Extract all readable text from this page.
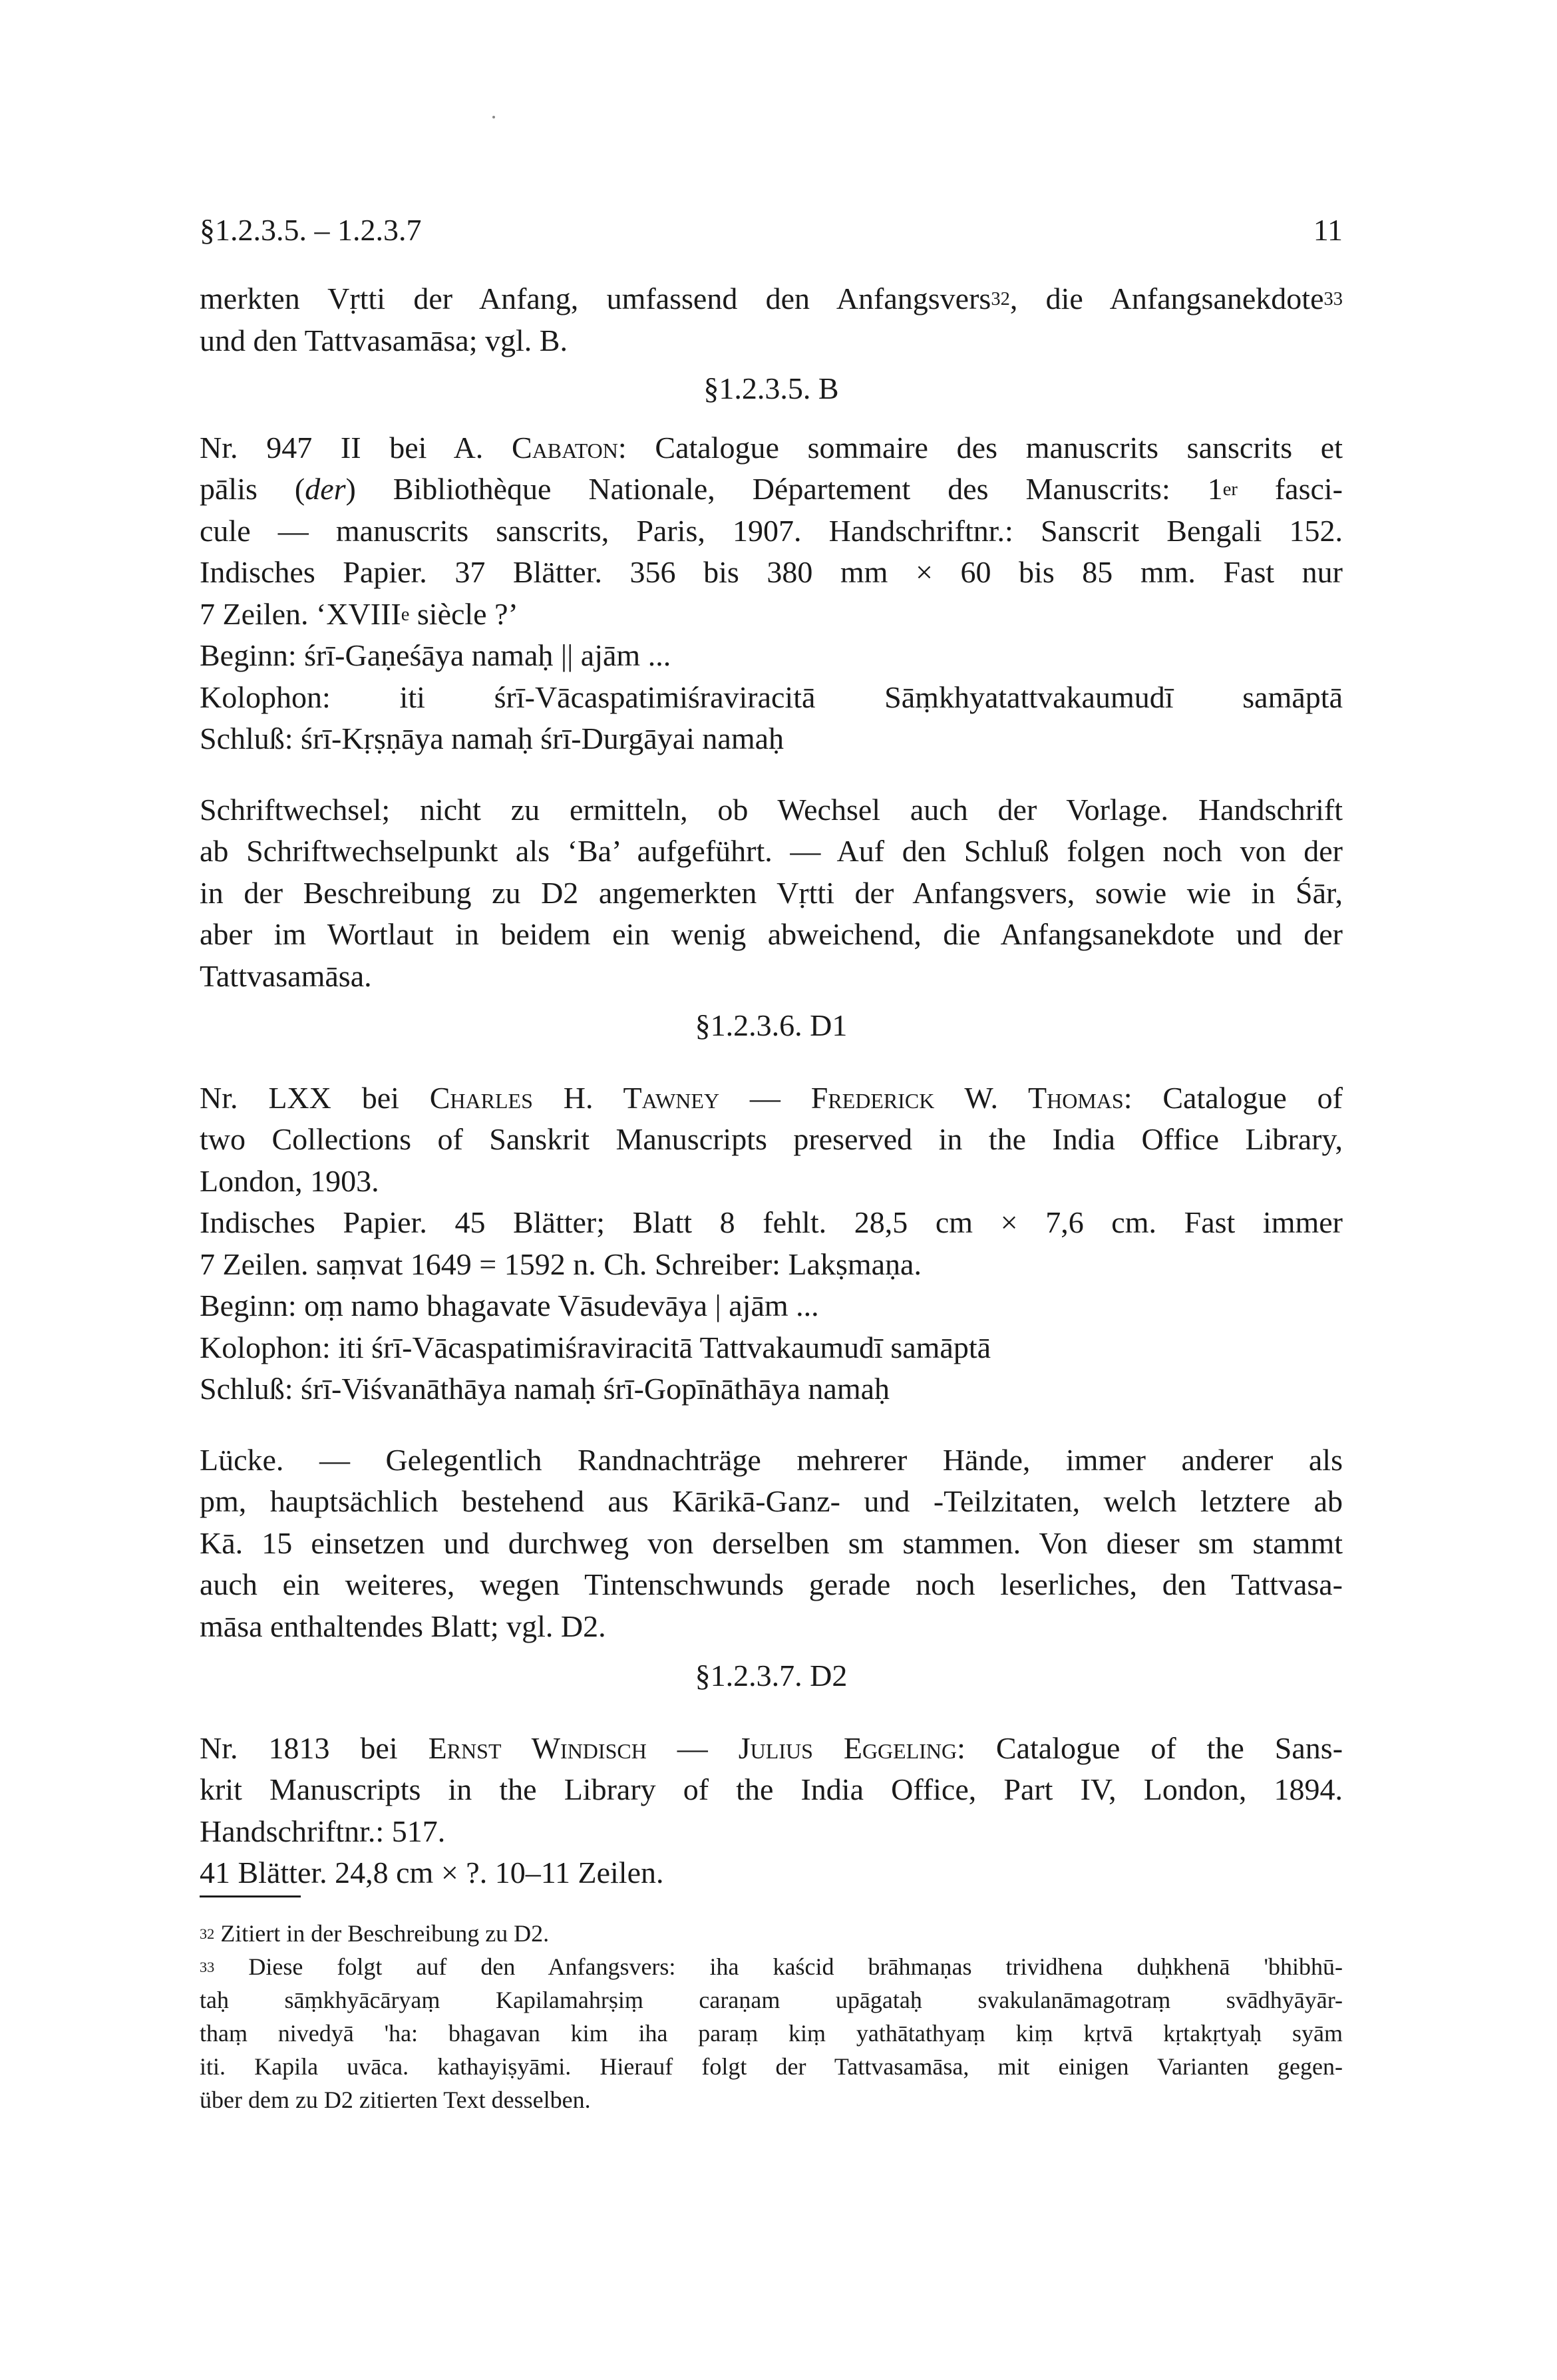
§1.2.3.5. – 1.2.3.7	11
merkten Vṛtti der Anfang, umfassend den Anfangsvers$^{32}$, die Anfangsanekdote$^{33}$
und den Tattvasamāsa; vgl. B.
§1.2.3.5. B
Nr. 947 II bei A. Cabaton: Catalogue sommaire des manuscrits sanscrits et
pālis (der) Bibliothèque Nationale, Département des Manuscrits: 1er fasci-
cule — manuscrits sanscrits, Paris, 1907. Handschriftnr.: Sanscrit Bengali 152.
Indisches Papier. 37 Blätter. 356 bis 380 mm × 60 bis 85 mm. Fast nur
7 Zeilen. ‘XVIIIe siècle ?’
Beginn: śrī-Gaṇeśāya namaḥ || ajām ...
Kolophon: iti śrī-Vācaspatimiśraviracitā Sāṃkhyatattvakaumudī samāptā
Schluß: śrī-Kṛṣṇāya namaḥ śrī-Durgāyai namaḥ
Schriftwechsel; nicht zu ermitteln, ob Wechsel auch der Vorlage. Handschrift
ab Schriftwechselpunkt als ‘Ba’ aufgeführt. — Auf den Schluß folgen noch von der
in der Beschreibung zu D2 angemerkten Vṛtti der Anfangsvers, sowie wie in Śār,
aber im Wortlaut in beidem ein wenig abweichend, die Anfangsanekdote und der
Tattvasamāsa.
§1.2.3.6. D1
Nr. LXX bei Charles H. Tawney — Frederick W. Thomas: Catalogue of
two Collections of Sanskrit Manuscripts preserved in the India Office Library,
London, 1903.
Indisches Papier. 45 Blätter; Blatt 8 fehlt. 28,5 cm × 7,6 cm. Fast immer
7 Zeilen. saṃvat 1649 = 1592 n. Ch. Schreiber: Lakṣmaṇa.
Beginn: oṃ namo bhagavate Vāsudevāya | ajām ...
Kolophon: iti śrī-Vācaspatimiśraviracitā Tattvakaumudī samāptā
Schluß: śrī-Viśvanāthāya namaḥ śrī-Gopīnāthāya namaḥ
Lücke. — Gelegentlich Randnachträge mehrerer Hände, immer anderer als
pm, hauptsächlich bestehend aus Kārikā-Ganz- und -Teilzitaten, welch letztere ab
Kā. 15 einsetzen und durchweg von derselben sm stammen. Von dieser sm stammt
auch ein weiteres, wegen Tintenschwunds gerade noch leserliches, den Tattvasa-
māsa enthaltendes Blatt; vgl. D2.
§1.2.3.7. D2
Nr. 1813 bei Ernst Windisch — Julius Eggeling: Catalogue of the Sans-
krit Manuscripts in the Library of the India Office, Part IV, London, 1894.
Handschriftnr.: 517.
41 Blätter. 24,8 cm × ?. 10–11 Zeilen.
$^{32}$ Zitiert in der Beschreibung zu D2.
$^{33}$ Diese folgt auf den Anfangsvers: iha kaścid brāhmaṇas trividhena duḥkhenā 'bhibhū-
taḥ sāṃkhyācāryaṃ Kapilamahrṣiṃ caraṇam upāgataḥ svakulanāmagotraṃ svādhyāyār-
thaṃ nivedyā 'ha: bhagavan kim iha paraṃ kiṃ yathātathyaṃ kiṃ kṛtvā kṛtakṛtyaḥ syām
iti. Kapila uvāca. kathayiṣyāmi. Hierauf folgt der Tattvasamāsa, mit einigen Varianten gegen-
über dem zu D2 zitierten Text desselben.
